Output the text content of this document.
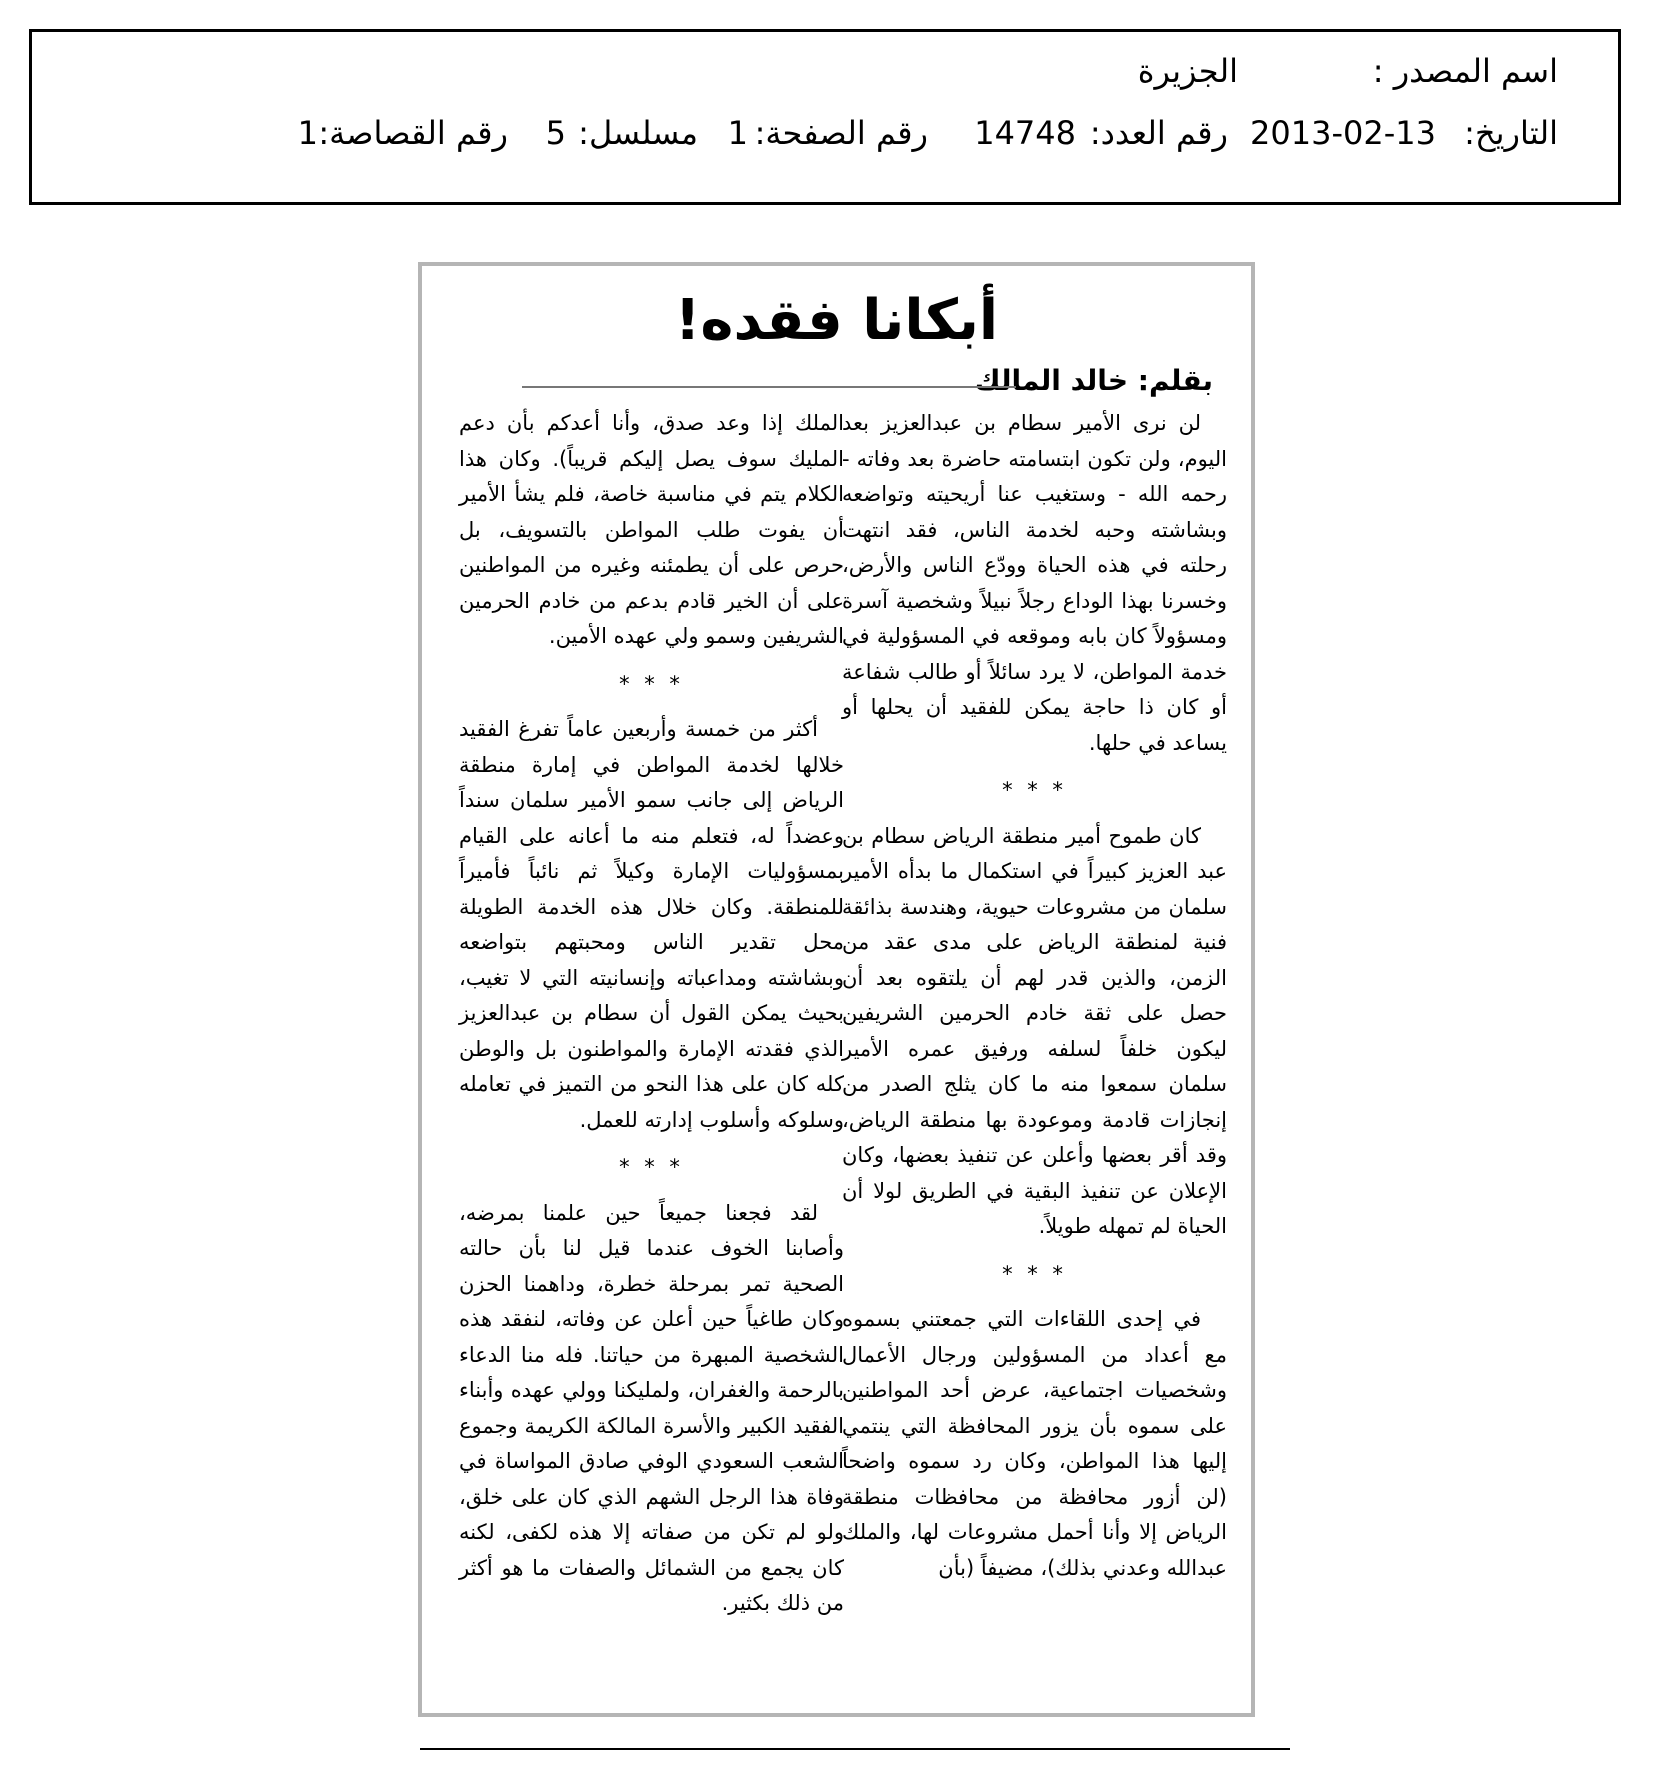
اسم المصدر :
الجزيرة
التاريخ:
2013-02-13
رقم العدد:
14748
رقم الصفحة:
1
مسلسل:
5
رقم القصاصة:
1
أبكانا فقده!
بقلم: خالد المالك

لن نرى الأمير سطام بن عبدالعزيز بعد اليوم، ولن تكون ابتسامته حاضرة بعد وفاته - رحمه الله - وستغيب عنا أريحيته وتواضعه وبشاشته وحبه لخدمة الناس، فقد انتهت رحلته في هذه الحياة وودّع الناس والأرض، وخسرنا بهذا الوداع رجلاً نبيلاً وشخصية آسرة ومسؤولاً كان بابه وموقعه في المسؤولية في خدمة المواطن، لا يرد سائلاً أو طالب شفاعة أو كان ذا حاجة يمكن للفقيد أن يحلها أو يساعد في حلها.

* * *

كان طموح أمير منطقة الرياض سطام بن عبد العزيز كبيراً في استكمال ما بدأه الأمير سلمان من مشروعات حيوية، وهندسة بذائقة فنية لمنطقة الرياض على مدى عقد من الزمن، والذين قدر لهم أن يلتقوه بعد أن حصل على ثقة خادم الحرمين الشريفين ليكون خلفاً لسلفه ورفيق عمره الأمير سلمان سمعوا منه ما كان يثلج الصدر من إنجازات قادمة وموعودة بها منطقة الرياض، وقد أقر بعضها وأعلن عن تنفيذ بعضها، وكان الإعلان عن تنفيذ البقية في الطريق لولا أن الحياة لم تمهله طويلاً.

* * *

في إحدى اللقاءات التي جمعتني بسموه مع أعداد من المسؤولين ورجال الأعمال وشخصيات اجتماعية، عرض أحد المواطنين على سموه بأن يزور المحافظة التي ينتمي إليها هذا المواطن، وكان رد سموه واضحاً (لن أزور محافظة من محافظات منطقة الرياض إلا وأنا أحمل مشروعات لها، والملك عبدالله وعدني بذلك)، مضيفاً (بأن

الملك إذا وعد صدق، وأنا أعدكم بأن دعم المليك سوف يصل إليكم قريباً). وكان هذا الكلام يتم في مناسبة خاصة، فلم يشأ الأمير أن يفوت طلب المواطن بالتسويف، بل حرص على أن يطمئنه وغيره من المواطنين على أن الخير قادم بدعم من خادم الحرمين الشريفين وسمو ولي عهده الأمين.

* * *

أكثر من خمسة وأربعين عاماً تفرغ الفقيد خلالها لخدمة المواطن في إمارة منطقة الرياض إلى جانب سمو الأمير سلمان سنداً وعضداً له، فتعلم منه ما أعانه على القيام بمسؤوليات الإمارة وكيلاً ثم نائباً فأميراً للمنطقة. وكان خلال هذه الخدمة الطويلة محل تقدير الناس ومحبتهم بتواضعه وبشاشته ومداعباته وإنسانيته التي لا تغيب، بحيث يمكن القول أن سطام بن عبدالعزيز الذي فقدته الإمارة والمواطنون بل والوطن كله كان على هذا النحو من التميز في تعامله وسلوكه وأسلوب إدارته للعمل.

* * *

لقد فجعنا جميعاً حين علمنا بمرضه، وأصابنا الخوف عندما قيل لنا بأن حالته الصحية تمر بمرحلة خطرة، وداهمنا الحزن وكان طاغياً حين أعلن عن وفاته، لنفقد هذه الشخصية المبهرة من حياتنا. فله منا الدعاء بالرحمة والغفران، ولمليكنا وولي عهده وأبناء الفقيد الكبير والأسرة المالكة الكريمة وجموع الشعب السعودي الوفي صادق المواساة في وفاة هذا الرجل الشهم الذي كان على خلق، ولو لم تكن من صفاته إلا هذه لكفى، لكنه كان يجمع من الشمائل والصفات ما هو أكثر من ذلك بكثير.
